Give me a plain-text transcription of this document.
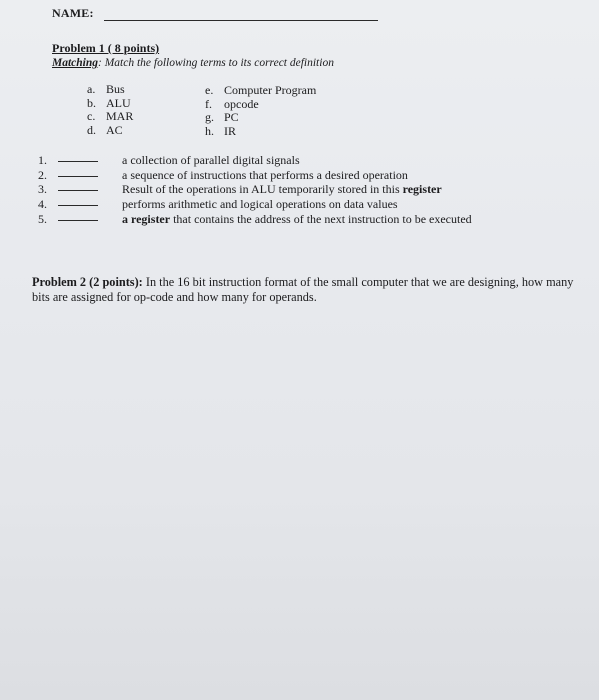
NAME:
Problem 1 ( 8 points)
Matching: Match the following terms to its correct definition
a. Bus
b. ALU
c. MAR
d. AC
e. Computer Program
f. opcode
g. PC
h. IR
1.	a collection of parallel digital signals
2.	a sequence of instructions that performs a desired operation
3.	Result of the operations in ALU temporarily stored in this register
4.	performs arithmetic and logical operations on data values
5.	a register that contains the address of the next instruction to be executed
Problem 2 (2 points): In the 16 bit instruction format of the small computer that we are designing, how many bits are assigned for op-code and how many for operands.
